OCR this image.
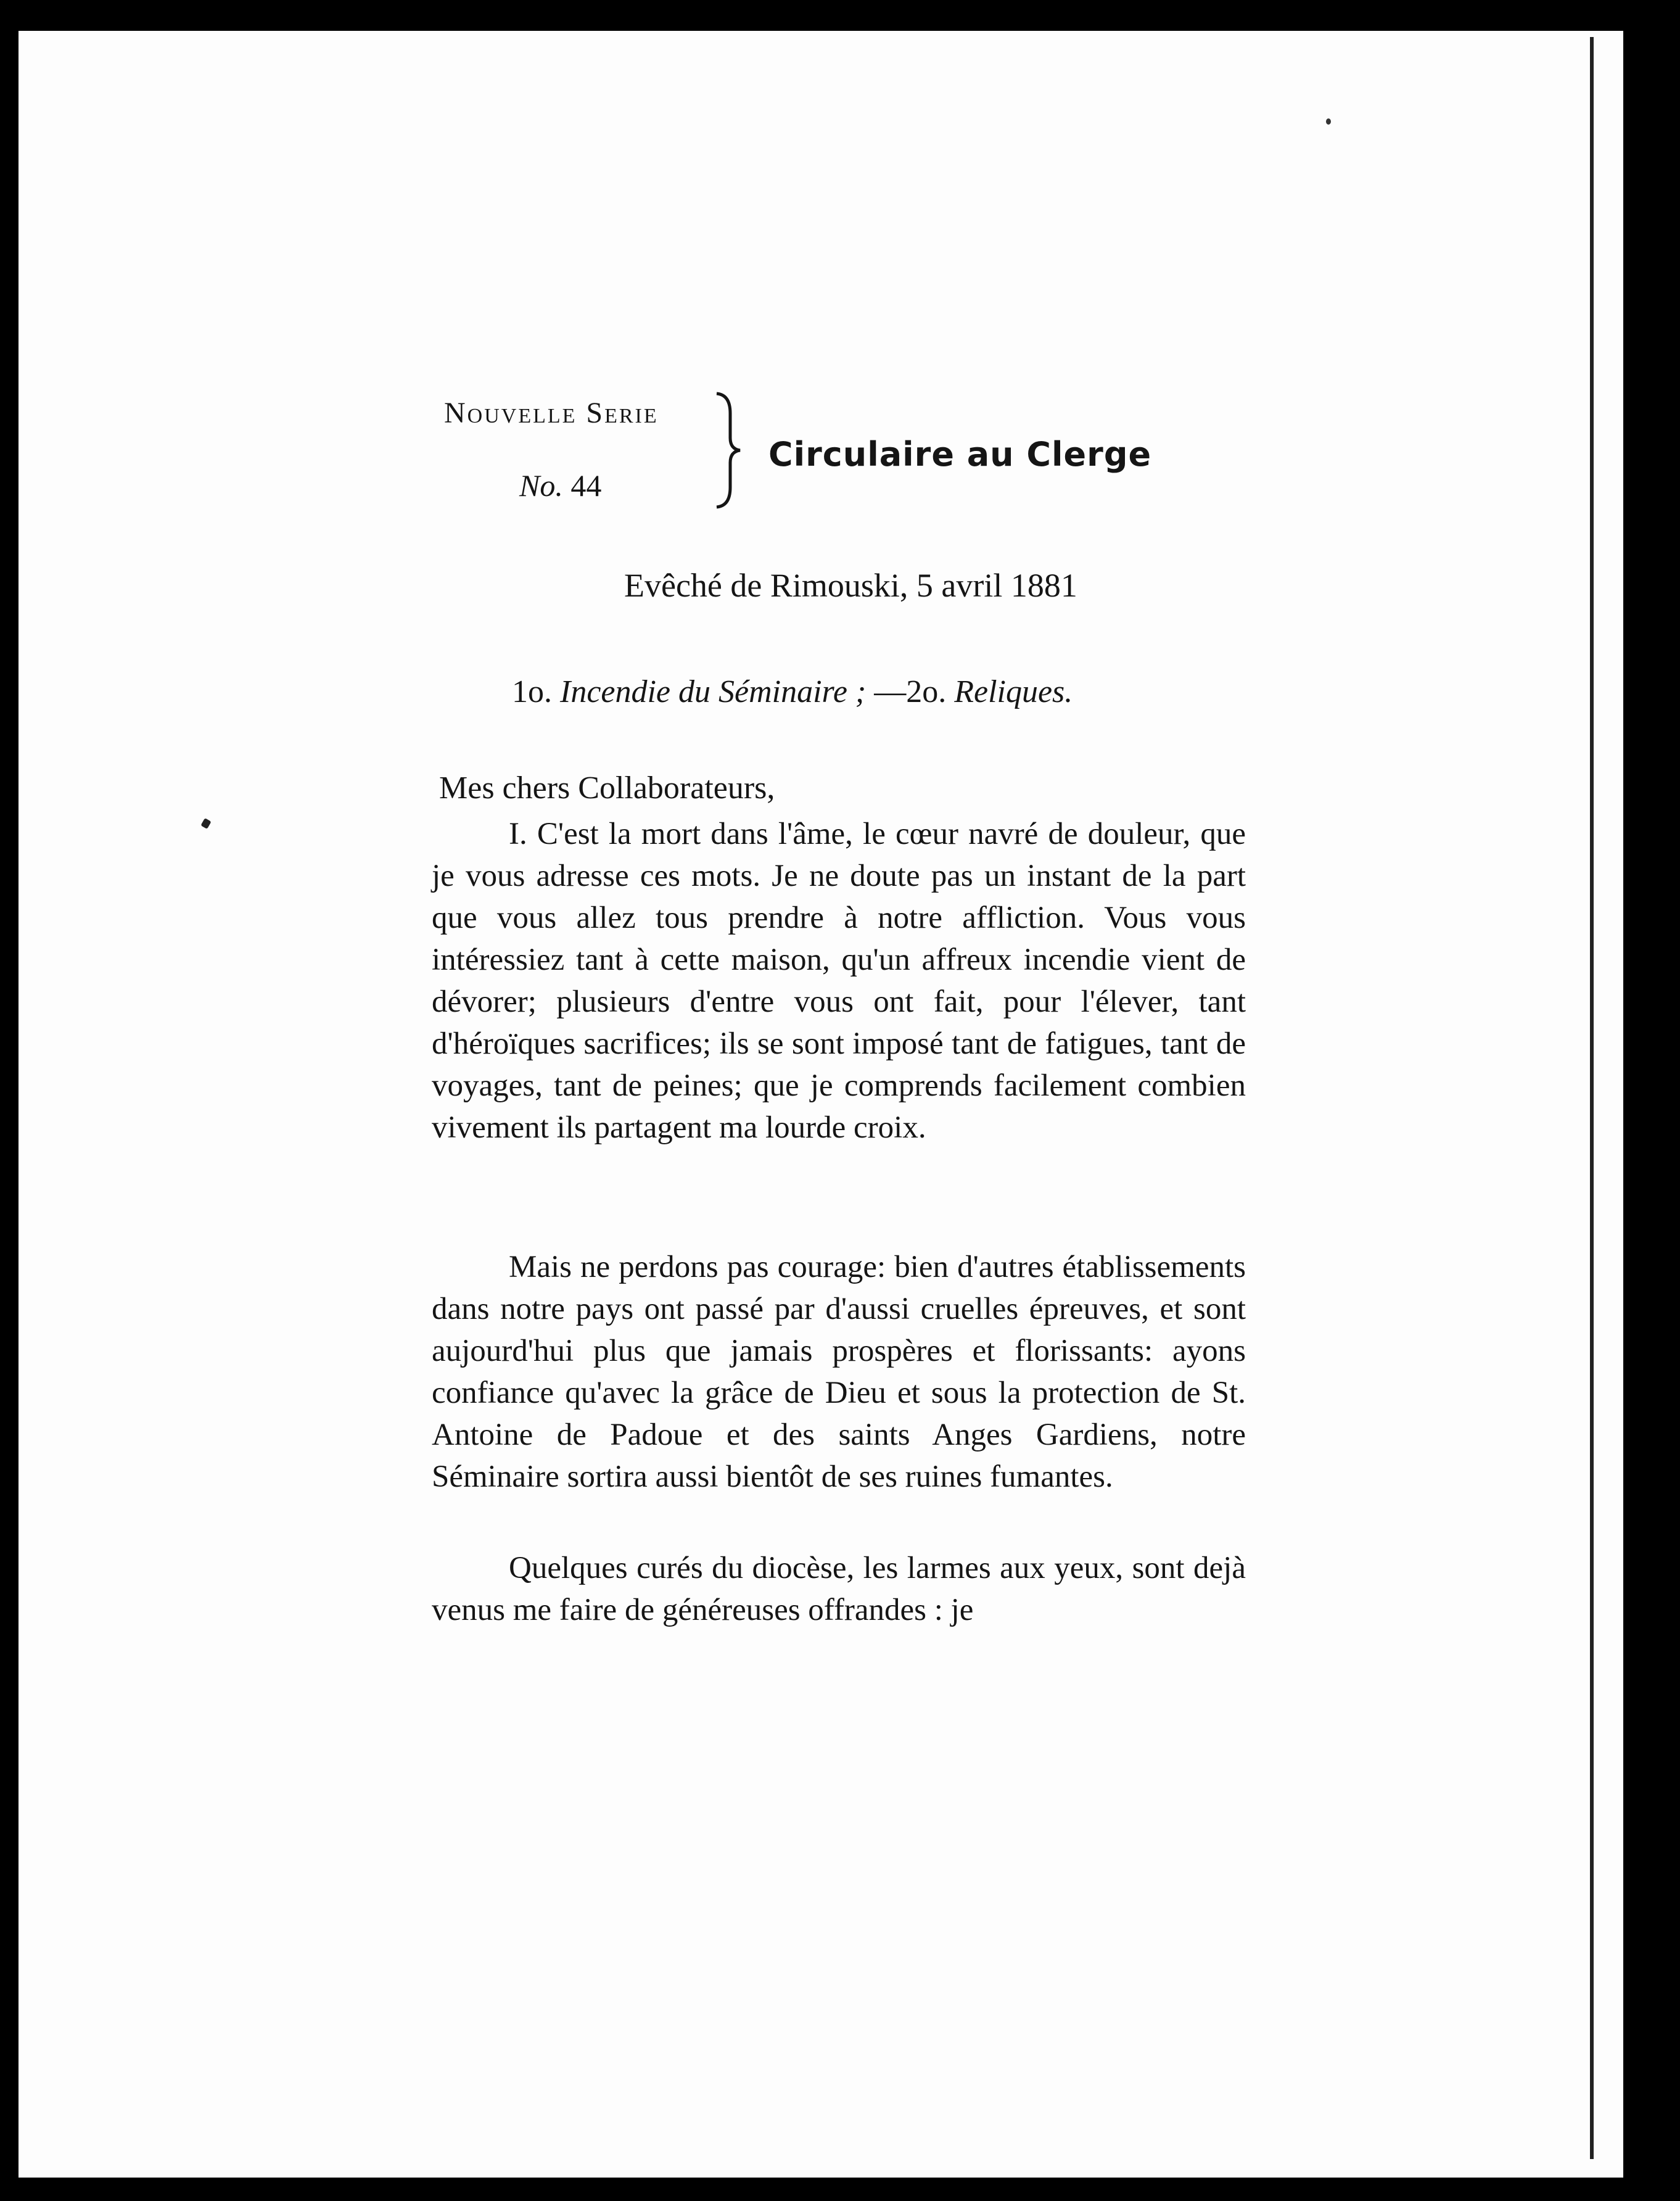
Nouvelle Serie
No. 44
Circulaire au Clerge
Evêché de Rimouski, 5 avril 1881
1o. Incendie du Séminaire ; —2o. Reliques.
Mes chers Collaborateurs,

I. C'est la mort dans l'âme, le cœur navré de douleur, que je vous adresse ces mots. Je ne doute pas un instant de la part que vous allez tous prendre à notre affliction. Vous vous intéressiez tant à cette maison, qu'un affreux incendie vient de dévorer; plusieurs d'entre vous ont fait, pour l'élever, tant d'héroïques sacrifices; ils se sont imposé tant de fatigues, tant de voyages, tant de peines; que je comprends facilement combien vivement ils partagent ma lourde croix.

Mais ne perdons pas courage: bien d'autres établissements dans notre pays ont passé par d'aussi cruelles épreuves, et sont aujourd'hui plus que jamais prospères et florissants: ayons confiance qu'avec la grâce de Dieu et sous la protection de St. Antoine de Padoue et des saints Anges Gardiens, notre Séminaire sortira aussi bientôt de ses ruines fumantes.

Quelques curés du diocèse, les larmes aux yeux, sont dejà venus me faire de généreuses offrandes : je
